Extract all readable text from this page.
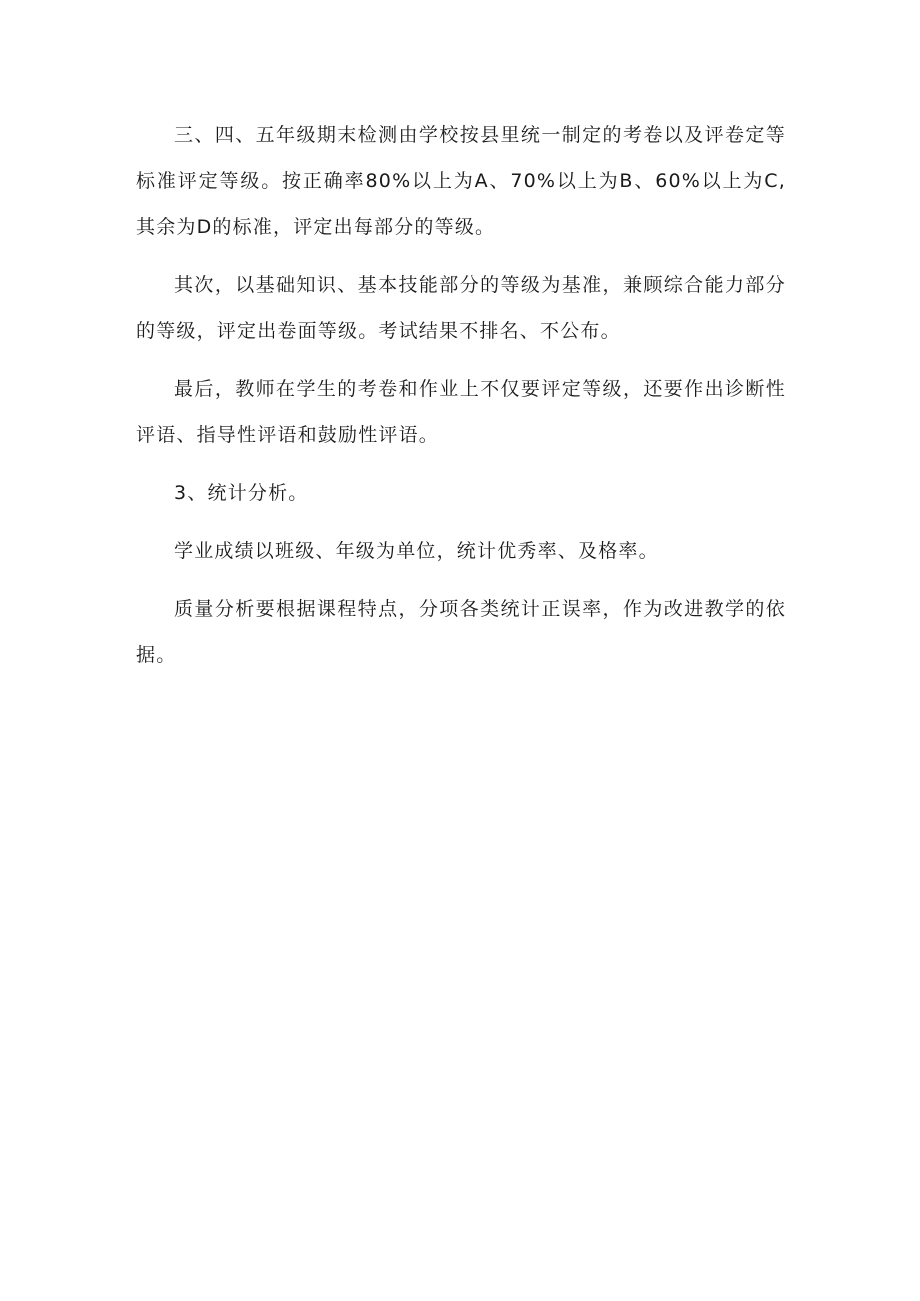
三、四、五年级期末检测由学校按县里统一制定的考卷以及评卷定等标准评定等级。按正确率80%以上为A、70%以上为B、60%以上为C,其余为D的标准，评定出每部分的等级。

其次，以基础知识、基本技能部分的等级为基准，兼顾综合能力部分的等级，评定出卷面等级。考试结果不排名、不公布。

最后，教师在学生的考卷和作业上不仅要评定等级，还要作出诊断性评语、指导性评语和鼓励性评语。

3、统计分析。

学业成绩以班级、年级为单位，统计优秀率、及格率。

质量分析要根据课程特点，分项各类统计正误率，作为改进教学的依据。
